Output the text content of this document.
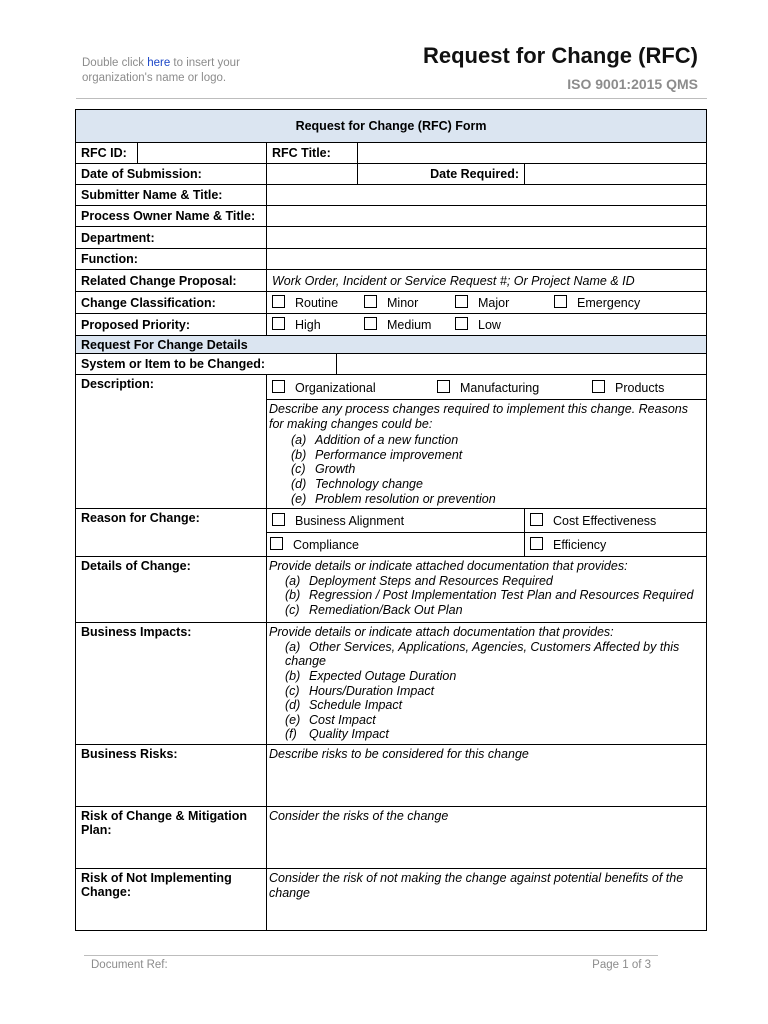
Double click here to insert your organization's name or logo.
Request for Change (RFC)
ISO 9001:2015 QMS
Request for Change (RFC) Form
RFC ID:		RFC Title:	
Date of Submission:		Date Required:	
Submitter Name & Title:	
Process Owner Name & Title:	
Department:	
Function:	
Related Change Proposal:	Work Order, Incident or Service Request #; Or Project Name & ID
Change Classification:		Routine	Minor	Major	Emergency

Proposed Priority:		High	Medium	Low

Request For Change Details
System or Item to be Changed:	
Description:		Organizational	Manufacturing	Products

Describe any process changes required to implement this change. Reasons for making changes could be:
(a) Addition of a new function
(b) Performance improvement
(c) Growth
(d) Technology change
(e) Problem resolution or prevention

Reason for Change:	Business Alignment	Cost Effectiveness
Compliance	Efficiency
Details of Change:	Provide details or indicate attached documentation that provides:
(a) Deployment Steps and Resources Required
(b) Regression / Post Implementation Test Plan and Resources Required
(c) Remediation/Back Out Plan

Business Impacts:	Provide details or indicate attach documentation that provides:
(a) Other Services, Applications, Agencies, Customers Affected by this change
(b) Expected Outage Duration
(c) Hours/Duration Impact
(d) Schedule Impact
(e) Cost Impact
(f) Quality Impact

Business Risks:	Describe risks to be considered for this change

Risk of Change & Mitigation Plan:	
Consider the risks of the change

Risk of Not Implementing Change:	
Consider the risk of not making the change against potential benefits of the change
Document Ref:	Page 1 of 3
